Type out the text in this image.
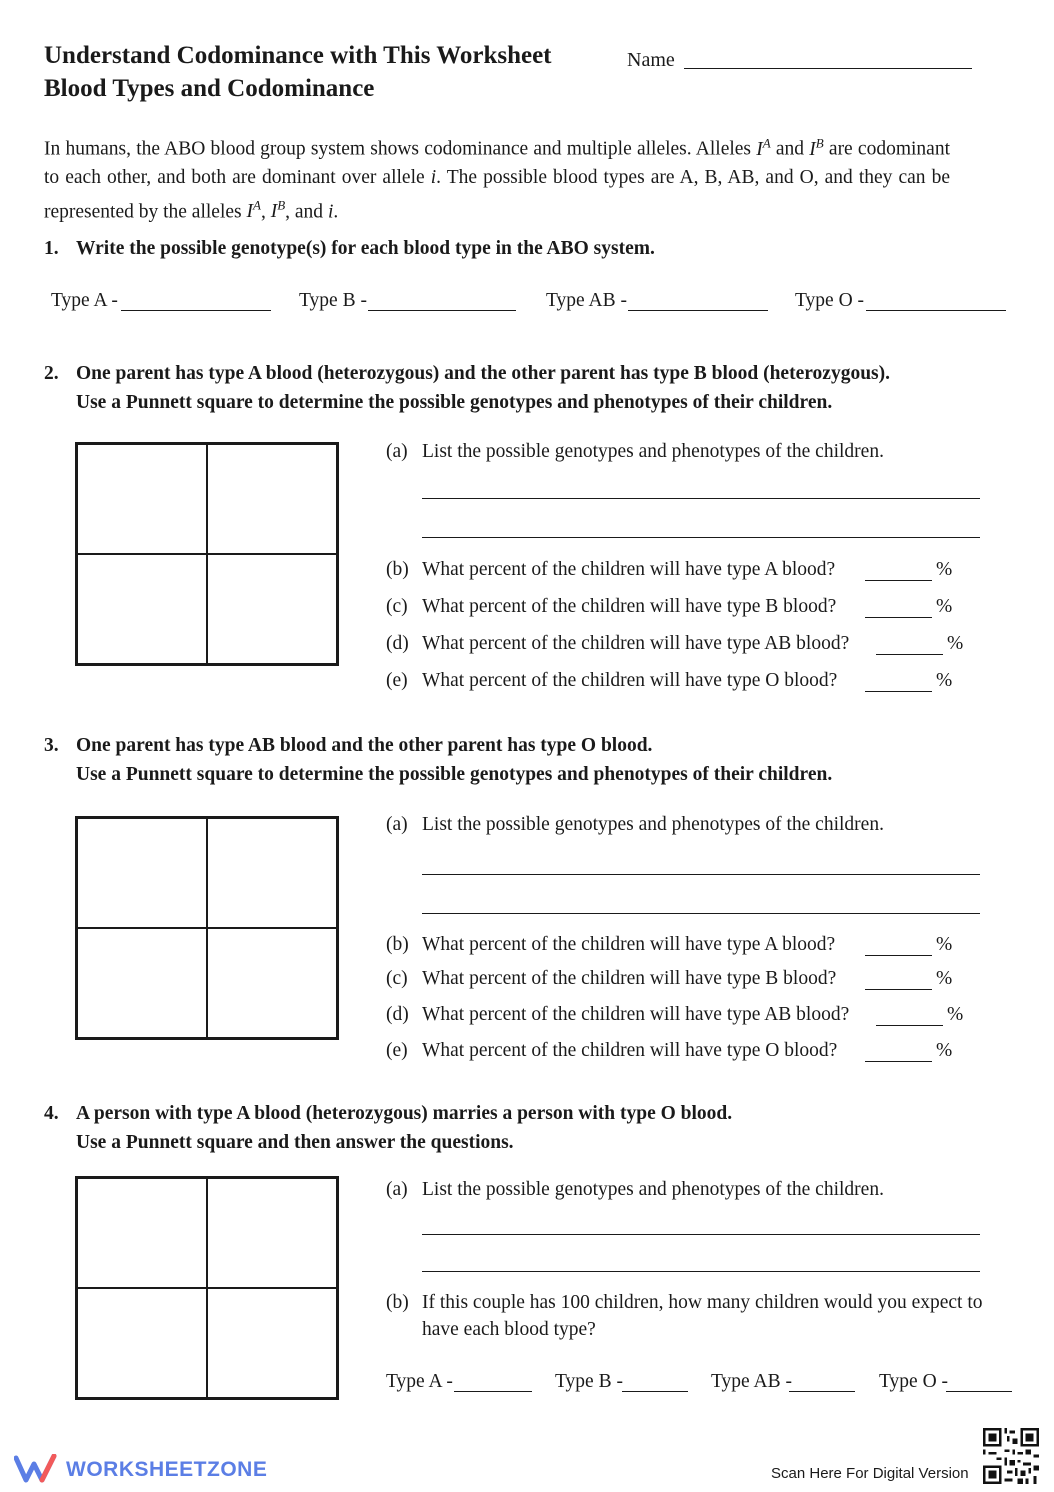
Understand Codominance with This Worksheet
Blood Types and Codominance
Name
In humans, the ABO blood group system shows codominance and multiple alleles. Alleles $I^A$ and $I^B$ are codominant to each other, and both are dominant over allele i. The possible blood types are A, B, AB, and O, and they can be represented by the alleles $I^A$, $I^B$, and i.
1. Write the possible genotype(s) for each blood type in the ABO system.
Type A -	Type B -	Type AB -	Type O -
2. One parent has type A blood (heterozygous) and the other parent has type B blood (heterozygous).
Use a Punnett square to determine the possible genotypes and phenotypes of their children.
(a) List the possible genotypes and phenotypes of the children.
(b) What percent of the children will have type A blood?	%
(c) What percent of the children will have type B blood?	%
(d) What percent of the children will have type AB blood?	%
(e) What percent of the children will have type O blood?	%
3. One parent has type AB blood and the other parent has type O blood.
Use a Punnett square to determine the possible genotypes and phenotypes of their children.
(a) List the possible genotypes and phenotypes of the children.
(b) What percent of the children will have type A blood?	%
(c) What percent of the children will have type B blood?	%
(d) What percent of the children will have type AB blood?	%
(e) What percent of the children will have type O blood?	%
4. A person with type A blood (heterozygous) marries a person with type O blood.
Use a Punnett square and then answer the questions.
(a) List the possible genotypes and phenotypes of the children.
(b) If this couple has 100 children, how many children would you expect to
have each blood type?
Type A -	Type B -	Type AB -	Type O -
WORKSHEETZONE	Scan Here For Digital Version
